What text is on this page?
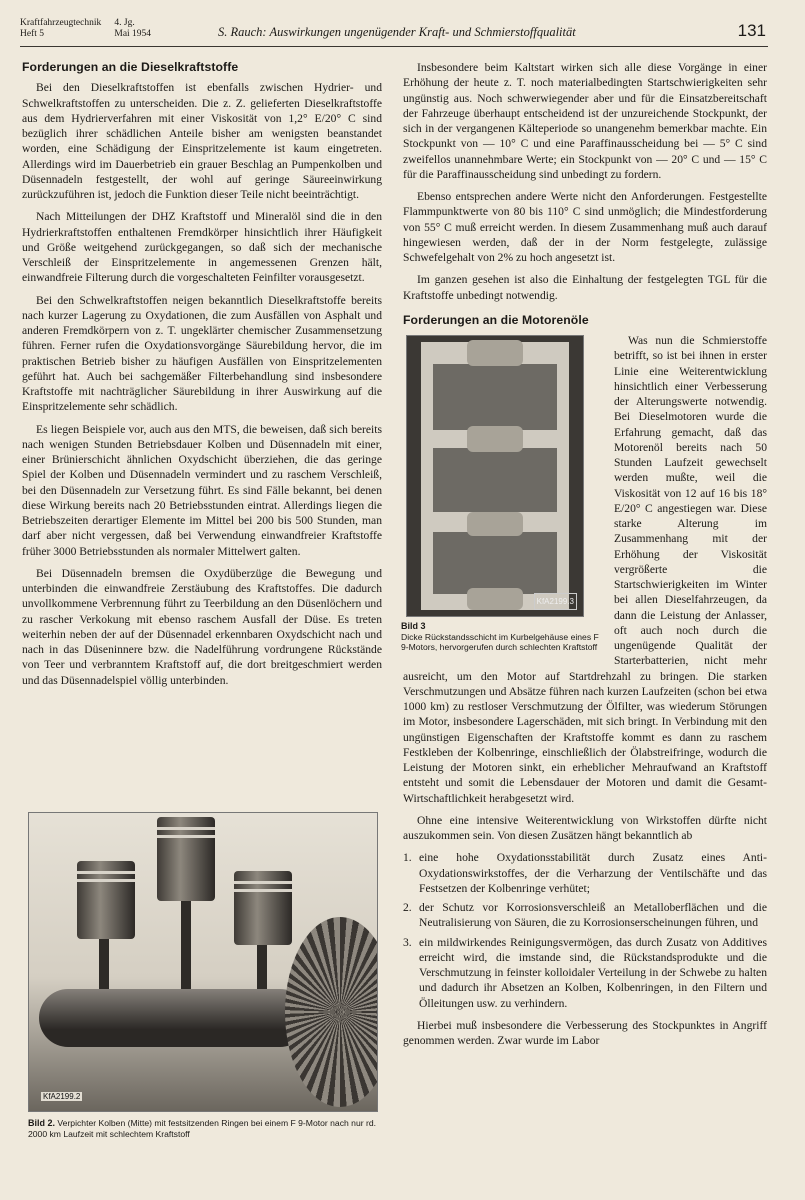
Kraftfahrzeugtechnik 4. Jg.
Heft 5	Mai 1954	S. Rauch: Auswirkungen ungenügender Kraft- und Schmierstoffqualität	131
Forderungen an die Dieselkraftstoffe

Bei den Dieselkraftstoffen ist ebenfalls zwischen Hydrier- und Schwelkraftstoffen zu unterscheiden. Die z. Z. gelieferten Dieselkraftstoffe aus dem Hydrierverfahren mit einer Viskosität von 1,2° E/20° C sind bezüglich ihrer schädlichen Anteile bisher am wenigsten beanstandet worden, eine Schädigung der Einspritzelemente ist kaum eingetreten. Allerdings wird im Dauerbetrieb ein grauer Beschlag an Pumpenkolben und Düsennadeln festgestellt, der wohl auf geringe Säureeinwirkung zurückzuführen ist, jedoch die Funktion dieser Teile nicht beeinträchtigt.

Nach Mitteilungen der DHZ Kraftstoff und Mineralöl sind die in den Hydrierkraftstoffen enthaltenen Fremdkörper hinsichtlich ihrer Häufigkeit und Größe weitgehend zurückgegangen, so daß sich der mechanische Verschleiß der Einspritzelemente in angemessenen Grenzen hält, einwandfreie Filterung durch die vorgeschalteten Feinfilter vorausgesetzt.

Bei den Schwelkraftstoffen neigen bekanntlich Dieselkraftstoffe bereits nach kurzer Lagerung zu Oxydationen, die zum Ausfällen von Asphalt und anderen Fremdkörpern von z. T. ungeklärter chemischer Zusammensetzung führen. Ferner rufen die Oxydationsvorgänge Säurebildung hervor, die im praktischen Betrieb bisher zu häufigen Ausfällen von Einspritzelementen geführt hat. Auch bei sachgemäßer Filterbehandlung sind insbesondere Kraftstoffe mit nachträglicher Säurebildung in ihrer Auswirkung auf die Einspritzelemente sehr schädlich.

Es liegen Beispiele vor, auch aus den MTS, die beweisen, daß sich bereits nach wenigen Stunden Betriebsdauer Kolben und Düsennadeln mit einer, einer Brünierschicht ähnlichen Oxydschicht überziehen, die das geringe Spiel der Kolben und Düsennadeln vermindert und zu raschem Verschleiß, bei den Düsennadeln zur Versetzung führt. Es sind Fälle bekannt, bei denen diese Wirkung bereits nach 20 Betriebsstunden eintrat. Allerdings liegen die Betriebszeiten derartiger Elemente im Mittel bei 200 bis 500 Stunden, man darf aber nicht vergessen, daß bei Verwendung einwandfreier Kraftstoffe früher 3000 Betriebsstunden als normaler Mittelwert galten.

Bei Düsennadeln bremsen die Oxydüberzüge die Bewegung und unterbinden die einwandfreie Zerstäubung des Kraftstoffes. Die dadurch unvollkommene Verbrennung führt zu Teerbildung an den Düsenlöchern und zu rascher Verkokung mit ebenso raschem Ausfall der Düse. Es treten weiterhin neben der auf der Düsennadel erkennbaren Oxydschicht nach und nach in das Düseninnere bzw. die Nadelführung vordrungene Rückstände von Teer und verbranntem Kraftstoff auf, die dort breitgeschmiert werden und das Düsennadelspiel völlig unterbinden.

KfA2199.2
Bild 2. Verpichter Kolben (Mitte) mit festsitzenden Ringen bei einem F 9-Motor nach nur rd. 2000 km Laufzeit mit schlechtem Kraftstoff

Insbesondere beim Kaltstart wirken sich alle diese Vorgänge in einer Erhöhung der heute z. T. noch materialbedingten Startschwierigkeiten sehr ungünstig aus. Noch schwerwiegender aber und für die Einsatzbereitschaft der Fahrzeuge überhaupt entscheidend ist der unzureichende Stockpunkt, der sich in der vergangenen Kälteperiode so unangenehm bemerkbar machte. Ein Stockpunkt von — 10° C und eine Paraffinausscheidung bei — 5° C sind zweifellos unannehmbare Werte; ein Stockpunkt von — 20° C und — 15° C für die Paraffinausscheidung sind unbedingt zu fordern.

Ebenso entsprechen andere Werte nicht den Anforderungen. Festgestellte Flammpunktwerte von 80 bis 110° C sind unmöglich; die Mindestforderung von 55° C muß erreicht werden. In diesem Zusammenhang muß auch darauf hingewiesen werden, daß der in der Norm festgelegte, zulässige Schwefelgehalt von 2% zu hoch angesetzt ist.

Im ganzen gesehen ist also die Einhaltung der festgelegten TGL für die Kraftstoffe unbedingt notwendig.

Forderungen an die Motorenöle
KfA2199.3
Bild 3
Dicke Rückstandsschicht im Kurbelgehäuse eines F 9-Motors, hervorgerufen durch schlechten Kraftstoff

Was nun die Schmierstoffe betrifft, so ist bei ihnen in erster Linie eine Weiterentwicklung hinsichtlich einer Verbesserung der Alterungswerte notwendig. Bei Dieselmotoren wurde die Erfahrung gemacht, daß das Motorenöl bereits nach 50 Stunden Laufzeit gewechselt werden mußte, weil die Viskosität von 12 auf 16 bis 18° E/20° C angestiegen war. Diese starke Alterung im Zusammenhang mit der Erhöhung der Viskosität vergrößerte die Startschwierigkeiten im Winter bei allen Dieselfahrzeugen, da dann die Leistung der Anlasser, oft auch noch durch die ungenügende Qualität der Starterbatterien, nicht mehr ausreicht, um den Motor auf Startdrehzahl zu bringen. Die starken Verschmutzungen und Absätze führen nach kurzen Laufzeiten (schon bei etwa 1000 km) zu restloser Verschmutzung der Ölfilter, was wiederum Störungen im Motor, insbesondere Lagerschäden, mit sich bringt. In Verbindung mit den ungünstigen Eigenschaften der Kraftstoffe kommt es dann zu raschem Festkleben der Kolbenringe, einschließlich der Ölabstreifringe, wodurch die Leistung der Motoren sinkt, ein erheblicher Mehraufwand an Kraftstoff entsteht und somit die Lebensdauer der Motoren und damit die Gesamt-Wirtschaftlichkeit herabgesetzt wird.

Ohne eine intensive Weiterentwicklung von Wirkstoffen dürfte nicht auszukommen sein. Von diesen Zusätzen hängt bekanntlich ab

1. eine hohe Oxydationsstabilität durch Zusatz eines Anti-Oxydationswirkstoffes, der die Verharzung der Ventilschäfte und das Festsetzen der Kolbenringe verhütet;
2. der Schutz vor Korrosionsverschleiß an Metalloberflächen und die Neutralisierung von Säuren, die zu Korrosionserscheinungen führen, und
3. ein mildwirkendes Reinigungsvermögen, das durch Zusatz von Additives erreicht wird, die imstande sind, die Rückstandsprodukte und die Verschmutzung in feinster kolloidaler Verteilung in der Schwebe zu halten und dadurch ihr Absetzen an Kolben, Kolbenringen, in den Filtern und Ölleitungen usw. zu verhindern.

Hierbei muß insbesondere die Verbesserung des Stockpunktes in Angriff genommen werden. Zwar wurde im Labor
